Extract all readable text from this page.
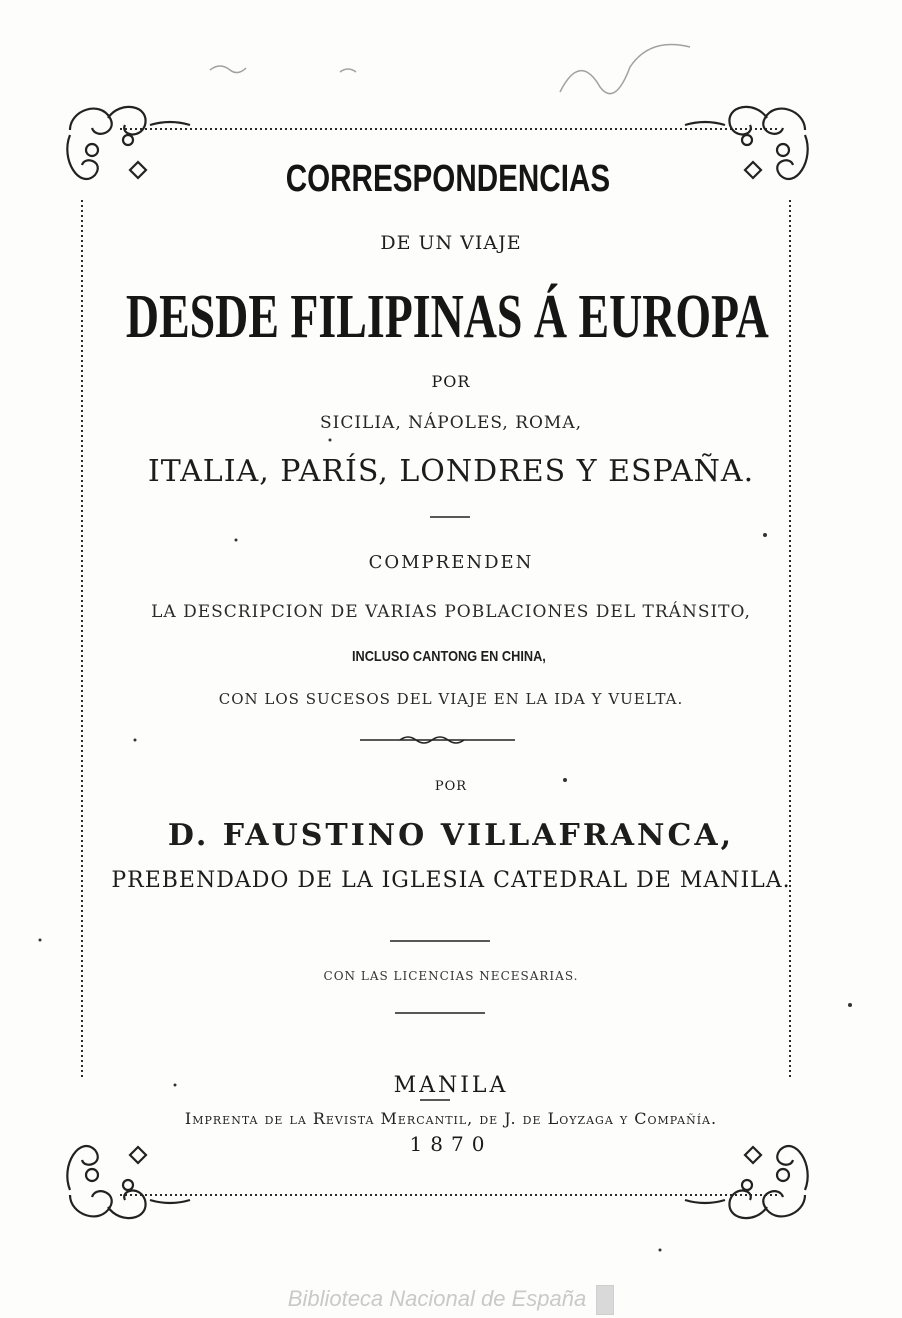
CORRESPONDENCIAS
DE UN VIAJE
DESDE FILIPINAS Á EUROPA
POR
SICILIA, NÁPOLES, ROMA,
ITALIA, PARÍS, LONDRES Y ESPAÑA.
COMPRENDEN
LA DESCRIPCION DE VARIAS POBLACIONES DEL TRÁNSITO,
INCLUSO CANTONG EN CHINA,
CON LOS SUCESOS DEL VIAJE EN LA IDA Y VUELTA.
POR
D. FAUSTINO VILLAFRANCA,
PREBENDADO DE LA IGLESIA CATEDRAL DE MANILA.
CON LAS LICENCIAS NECESARIAS.
MANILA
Imprenta de la Revista Mercantil, de J. de Loyzaga y Compañía.
1870
Biblioteca Nacional de España
